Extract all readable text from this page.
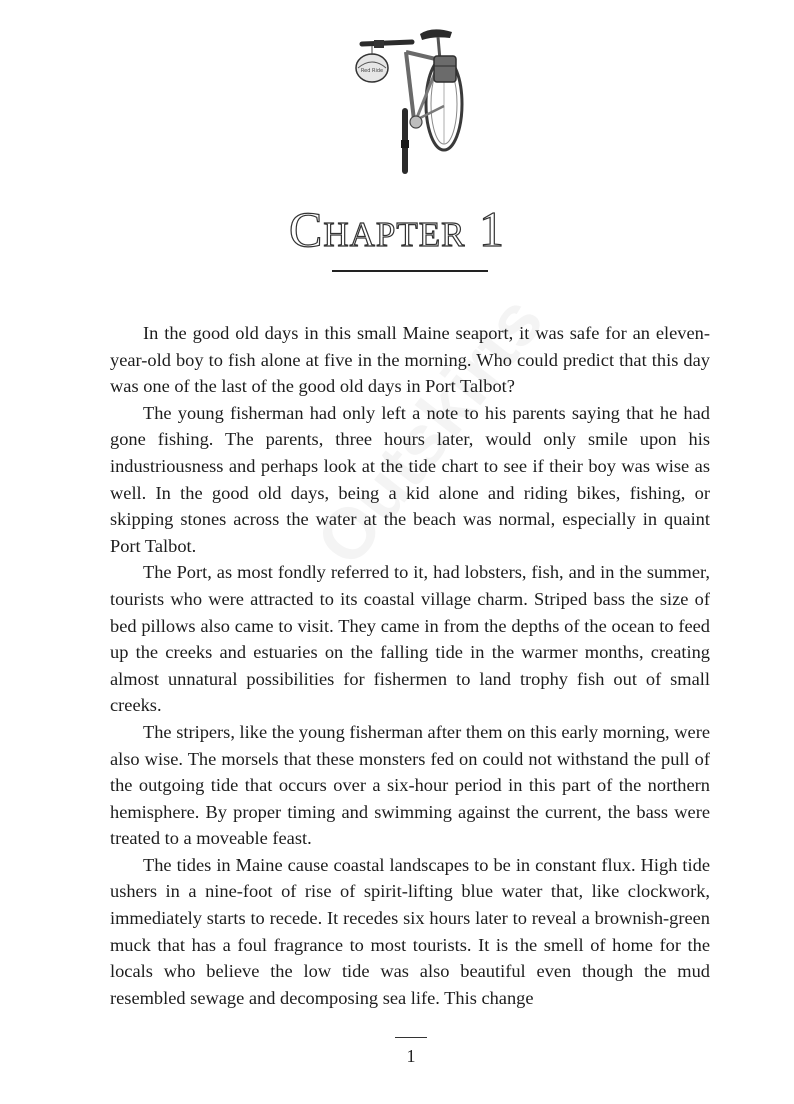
Red Ride
Chapter 1

In the good old days in this small Maine seaport, it was safe for an eleven-year-old boy to fish alone at five in the morning. Who could predict that this day was one of the last of the good old days in Port Talbot?

The young fisherman had only left a note to his parents saying that he had gone fishing. The parents, three hours later, would only smile upon his industriousness and perhaps look at the tide chart to see if their boy was wise as well. In the good old days, being a kid alone and riding bikes, fishing, or skipping stones across the water at the beach was normal, especially in quaint Port Talbot.

The Port, as most fondly referred to it, had lobsters, fish, and in the summer, tourists who were attracted to its coastal village charm. Striped bass the size of bed pillows also came to visit. They came in from the depths of the ocean to feed up the creeks and estuaries on the falling tide in the warmer months, creating almost unnatural possibilities for fishermen to land trophy fish out of small creeks.

The stripers, like the young fisherman after them on this early morning, were also wise. The morsels that these monsters fed on could not withstand the pull of the outgoing tide that occurs over a six-hour period in this part of the northern hemisphere. By proper timing and swimming against the current, the bass were treated to a moveable feast.

The tides in Maine cause coastal landscapes to be in constant flux. High tide ushers in a nine-foot of rise of spirit-lifting blue water that, like clockwork, immediately starts to recede. It recedes six hours later to reveal a brownish-green muck that has a foul fragrance to most tourists. It is the smell of home for the locals who believe the low tide was also beautiful even though the mud resembled sewage and decomposing sea life. This change

1
